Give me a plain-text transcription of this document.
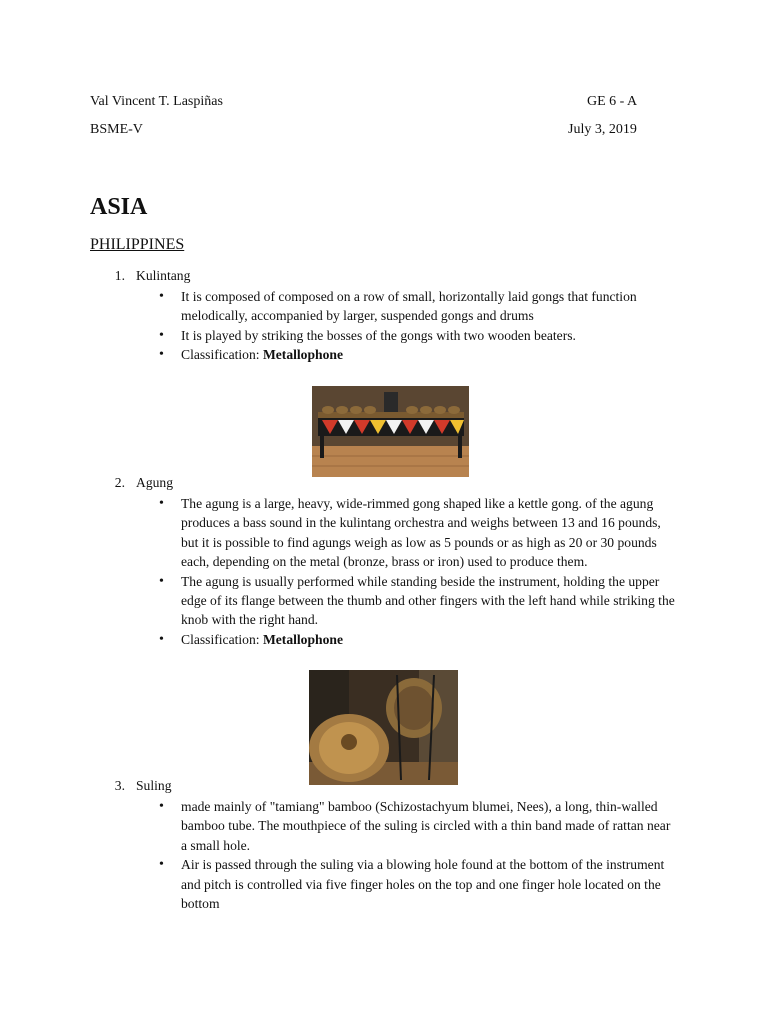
Val Vincent T. Laspiñas
BSME-V
GE 6 - A
July 3, 2019
ASIA
PHILIPPINES
1. Kulintang
• It is composed of composed on a row of small, horizontally laid gongs that function melodically, accompanied by larger, suspended gongs and drums
• It is played by striking the bosses of the gongs with two wooden beaters.
• Classification: Metallophone
2. Agung
• The agung is a large, heavy, wide-rimmed gong shaped like a kettle gong. of the agung produces a bass sound in the kulintang orchestra and weighs between 13 and 16 pounds, but it is possible to find agungs weigh as low as 5 pounds or as high as 20 or 30 pounds each, depending on the metal (bronze, brass or iron) used to produce them.
• The agung is usually performed while standing beside the instrument, holding the upper edge of its flange between the thumb and other fingers with the left hand while striking the knob with the right hand.
• Classification: Metallophone
3. Suling
• made mainly of "tamiang" bamboo (Schizostachyum blumei, Nees), a long, thin-walled bamboo tube. The mouthpiece of the suling is circled with a thin band made of rattan near a small hole.
• Air is passed through the suling via a blowing hole found at the bottom of the instrument and pitch is controlled via five finger holes on the top and one finger hole located on the bottom
